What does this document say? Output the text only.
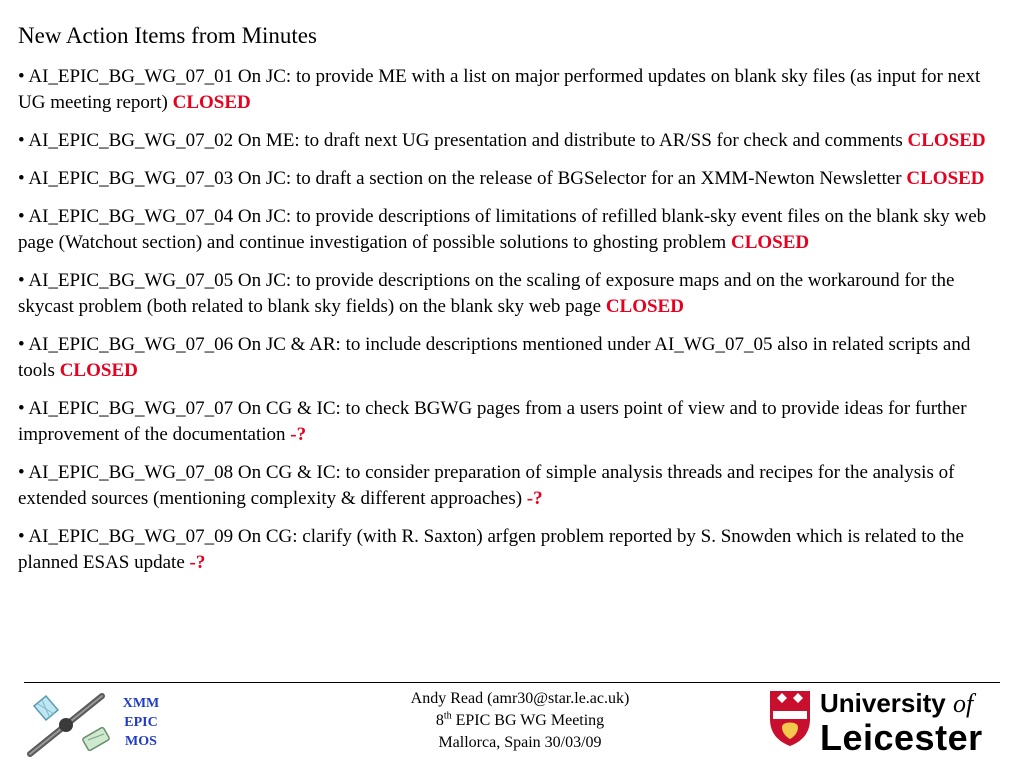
New Action Items from Minutes
• AI_EPIC_BG_WG_07_01 On JC: to provide ME with a list on major performed updates on blank sky files (as input for next UG meeting report) CLOSED
• AI_EPIC_BG_WG_07_02 On ME: to draft next UG presentation and distribute to AR/SS for check and comments CLOSED
• AI_EPIC_BG_WG_07_03 On JC: to draft a section on the release of BGSelector for an XMM-Newton Newsletter CLOSED
• AI_EPIC_BG_WG_07_04 On JC: to provide descriptions of limitations of refilled blank-sky event files on the blank sky web page (Watchout section) and continue investigation of possible solutions to ghosting problem CLOSED
• AI_EPIC_BG_WG_07_05 On JC: to provide descriptions on the scaling of exposure maps and on the workaround for the skycast problem (both related to blank sky fields) on the blank sky web page CLOSED
• AI_EPIC_BG_WG_07_06 On JC & AR: to include descriptions mentioned under AI_WG_07_05 also in related scripts and tools CLOSED
• AI_EPIC_BG_WG_07_07 On CG & IC: to check BGWG pages from a users point of view and to provide ideas for further improvement of the documentation -?
• AI_EPIC_BG_WG_07_08 On CG & IC: to consider preparation of simple analysis threads and recipes for the analysis of extended sources (mentioning complexity & different approaches) -?
• AI_EPIC_BG_WG_07_09 On CG: clarify (with R. Saxton) arfgen problem reported by S. Snowden which is related to the planned ESAS update -?
XMM
EPIC
MOS
Andy Read (amr30@star.le.ac.uk)
8th EPIC BG WG Meeting
Mallorca, Spain 30/03/09
University of
Leicester
